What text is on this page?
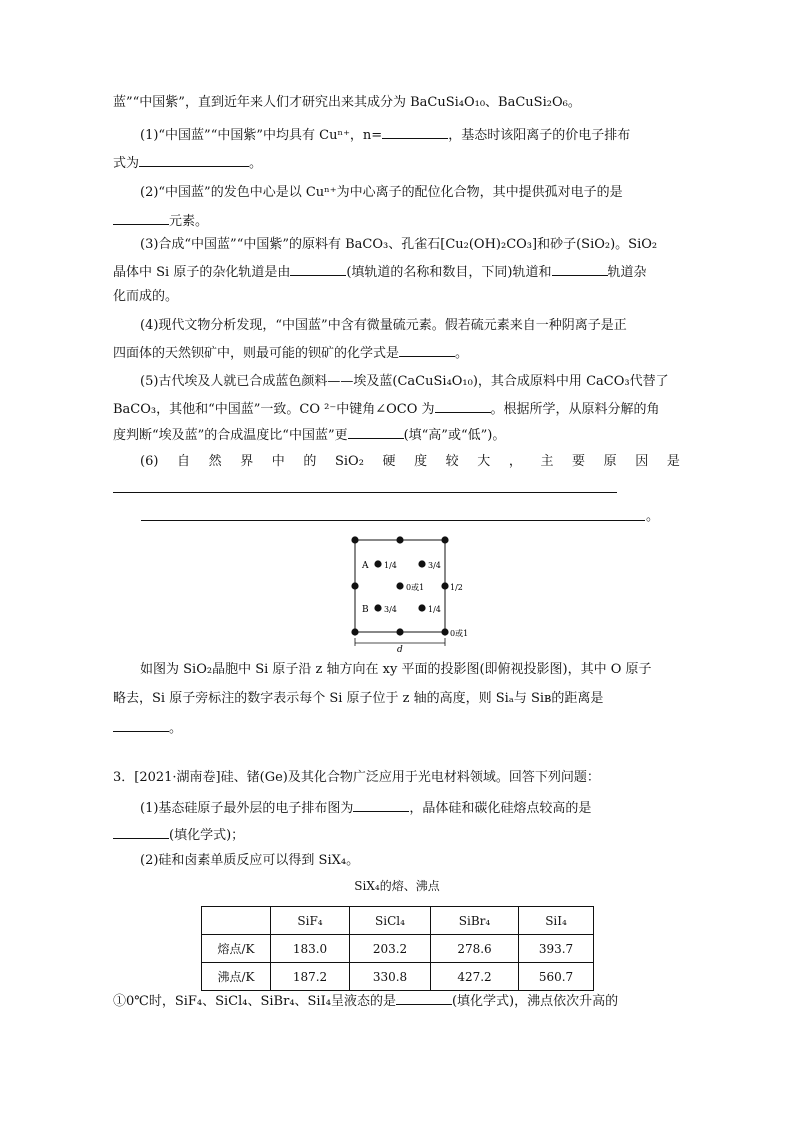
蓝”“中国紫”，直到近年来人们才研究出来其成分为 BaCuSi₄O₁₀、BaCuSi₂O₆。
(1)“中国蓝”“中国紫”中均具有 Cuⁿ⁺，n=	，基态时该阳离子的价电子排布
式为	。
(2)“中国蓝”的发色中心是以 Cuⁿ⁺为中心离子的配位化合物，其中提供孤对电子的是
元素。
(3)合成“中国蓝”“中国紫”的原料有 BaCO₃、孔雀石[Cu₂(OH)₂CO₃]和砂子(SiO₂)。SiO₂
晶体中 Si 原子的杂化轨道是由	(填轨道的名称和数目，下同)轨道和	轨道杂
化而成的。
(4)现代文物分析发现，“中国蓝”中含有微量硫元素。假若硫元素来自一种阴离子是正
四面体的天然钡矿中，则最可能的钡矿的化学式是	。
(5)古代埃及人就已合成蓝色颜料——埃及蓝(CaCuSi₄O₁₀)，其合成原料中用 CaCO₃代替了
BaCO₃，其他和“中国蓝”一致。CO ²⁻中键角∠OCO 为	。根据所学，从原料分解的角
度判断“埃及蓝”的合成温度比“中国蓝”更	(填“高”或“低”)。
(6) 自 然 界 中 的 SiO₂ 硬 度 较 大 ， 主 要 原 因 是
。
A
B
1/4	3/4
3/4	1/4
0或1	1/2
0或1
d
如图为 SiO₂晶胞中 Si 原子沿 z 轴方向在 xy 平面的投影图(即俯视投影图)，其中 O 原子
略去，Si 原子旁标注的数字表示每个 Si 原子位于 z 轴的高度，则 Siₐ与 Siʙ的距离是
。
3．[2021·湖南卷]硅、锗(Ge)及其化合物广泛应用于光电材料领域。回答下列问题：
(1)基态硅原子最外层的电子排布图为	，晶体硅和碳化硅熔点较高的是
(填化学式)；
(2)硅和卤素单质反应可以得到 SiX₄。
SiX₄的熔、沸点
	SiF₄	SiCl₄	SiBr₄	SiI₄
熔点/K	183.0	203.2	278.6	393.7
沸点/K	187.2	330.8	427.2	560.7
①0℃时，SiF₄、SiCl₄、SiBr₄、SiI₄呈液态的是	(填化学式)，沸点依次升高的
